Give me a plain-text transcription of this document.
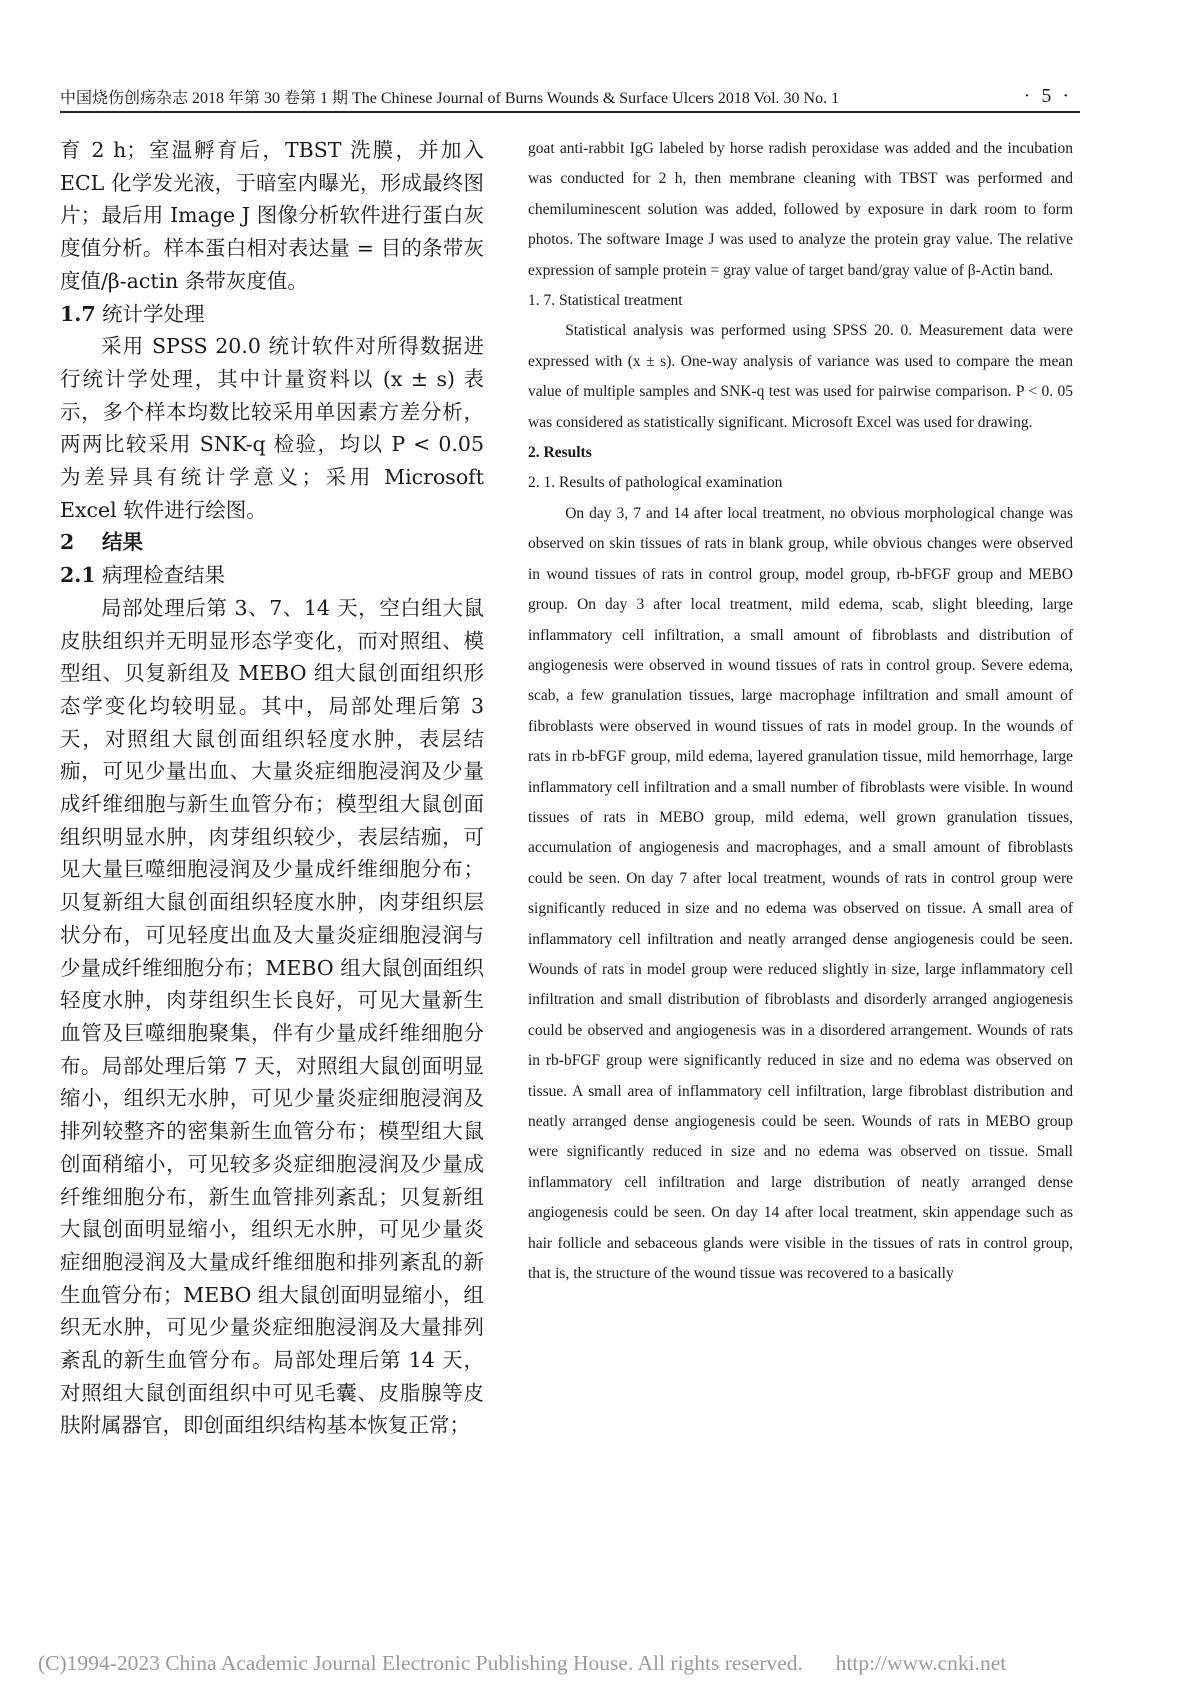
中国烧伤创疡杂志 2018 年第 30 卷第 1 期 The Chinese Journal of Burns Wounds & Surface Ulcers 2018 Vol. 30 No. 1	· 5 ·

育 2 h；室温孵育后，TBST 洗膜，并加入 ECL 化学发光液，于暗室内曝光，形成最终图片；最后用 Image J 图像分析软件进行蛋白灰度值分析。样本蛋白相对表达量 = 目的条带灰度值/β-actin 条带灰度值。

1.7 统计学处理

采用 SPSS 20.0 统计软件对所得数据进行统计学处理，其中计量资料以 (x ± s) 表示，多个样本均数比较采用单因素方差分析，两两比较采用 SNK-q 检验，均以 P < 0.05 为差异具有统计学意义；采用 Microsoft Excel 软件进行绘图。

2 结果

2.1 病理检查结果

局部处理后第 3、7、14 天，空白组大鼠皮肤组织并无明显形态学变化，而对照组、模型组、贝复新组及 MEBO 组大鼠创面组织形态学变化均较明显。其中，局部处理后第 3 天，对照组大鼠创面组织轻度水肿，表层结痂，可见少量出血、大量炎症细胞浸润及少量成纤维细胞与新生血管分布；模型组大鼠创面组织明显水肿，肉芽组织较少，表层结痂，可见大量巨噬细胞浸润及少量成纤维细胞分布；贝复新组大鼠创面组织轻度水肿，肉芽组织层状分布，可见轻度出血及大量炎症细胞浸润与少量成纤维细胞分布；MEBO 组大鼠创面组织轻度水肿，肉芽组织生长良好，可见大量新生血管及巨噬细胞聚集，伴有少量成纤维细胞分布。局部处理后第 7 天，对照组大鼠创面明显缩小，组织无水肿，可见少量炎症细胞浸润及排列较整齐的密集新生血管分布；模型组大鼠创面稍缩小，可见较多炎症细胞浸润及少量成纤维细胞分布，新生血管排列紊乱；贝复新组大鼠创面明显缩小，组织无水肿，可见少量炎症细胞浸润及大量成纤维细胞和排列紊乱的新生血管分布；MEBO 组大鼠创面明显缩小，组织无水肿，可见少量炎症细胞浸润及大量排列紊乱的新生血管分布。局部处理后第 14 天，对照组大鼠创面组织中可见毛囊、皮脂腺等皮肤附属器官，即创面组织结构基本恢复正常；

goat anti-rabbit IgG labeled by horse radish peroxidase was added and the incubation was conducted for 2 h, then membrane cleaning with TBST was performed and chemiluminescent solution was added, followed by exposure in dark room to form photos. The software Image J was used to analyze the protein gray value. The relative expression of sample protein = gray value of target band/gray value of β-Actin band.

1. 7. Statistical treatment

Statistical analysis was performed using SPSS 20. 0. Measurement data were expressed with (x ± s). One-way analysis of variance was used to compare the mean value of multiple samples and SNK-q test was used for pairwise comparison. P < 0. 05 was considered as statistically significant. Microsoft Excel was used for drawing.

2. Results

2. 1. Results of pathological examination

On day 3, 7 and 14 after local treatment, no obvious morphological change was observed on skin tissues of rats in blank group, while obvious changes were observed in wound tissues of rats in control group, model group, rb-bFGF group and MEBO group. On day 3 after local treatment, mild edema, scab, slight bleeding, large inflammatory cell infiltration, a small amount of fibroblasts and distribution of angiogenesis were observed in wound tissues of rats in control group. Severe edema, scab, a few granulation tissues, large macrophage infiltration and small amount of fibroblasts were observed in wound tissues of rats in model group. In the wounds of rats in rb-bFGF group, mild edema, layered granulation tissue, mild hemorrhage, large inflammatory cell infiltration and a small number of fibroblasts were visible. In wound tissues of rats in MEBO group, mild edema, well grown granulation tissues, accumulation of angiogenesis and macrophages, and a small amount of fibroblasts could be seen. On day 7 after local treatment, wounds of rats in control group were significantly reduced in size and no edema was observed on tissue. A small area of inflammatory cell infiltration and neatly arranged dense angiogenesis could be seen. Wounds of rats in model group were reduced slightly in size, large inflammatory cell infiltration and small distribution of fibroblasts and disorderly arranged angiogenesis could be observed and angiogenesis was in a disordered arrangement. Wounds of rats in rb-bFGF group were significantly reduced in size and no edema was observed on tissue. A small area of inflammatory cell infiltration, large fibroblast distribution and neatly arranged dense angiogenesis could be seen. Wounds of rats in MEBO group were significantly reduced in size and no edema was observed on tissue. Small inflammatory cell infiltration and large distribution of neatly arranged dense angiogenesis could be seen. On day 14 after local treatment, skin appendage such as hair follicle and sebaceous glands were visible in the tissues of rats in control group, that is, the structure of the wound tissue was recovered to a basically

(C)1994-2023 China Academic Journal Electronic Publishing House. All rights reserved. http://www.cnki.net
